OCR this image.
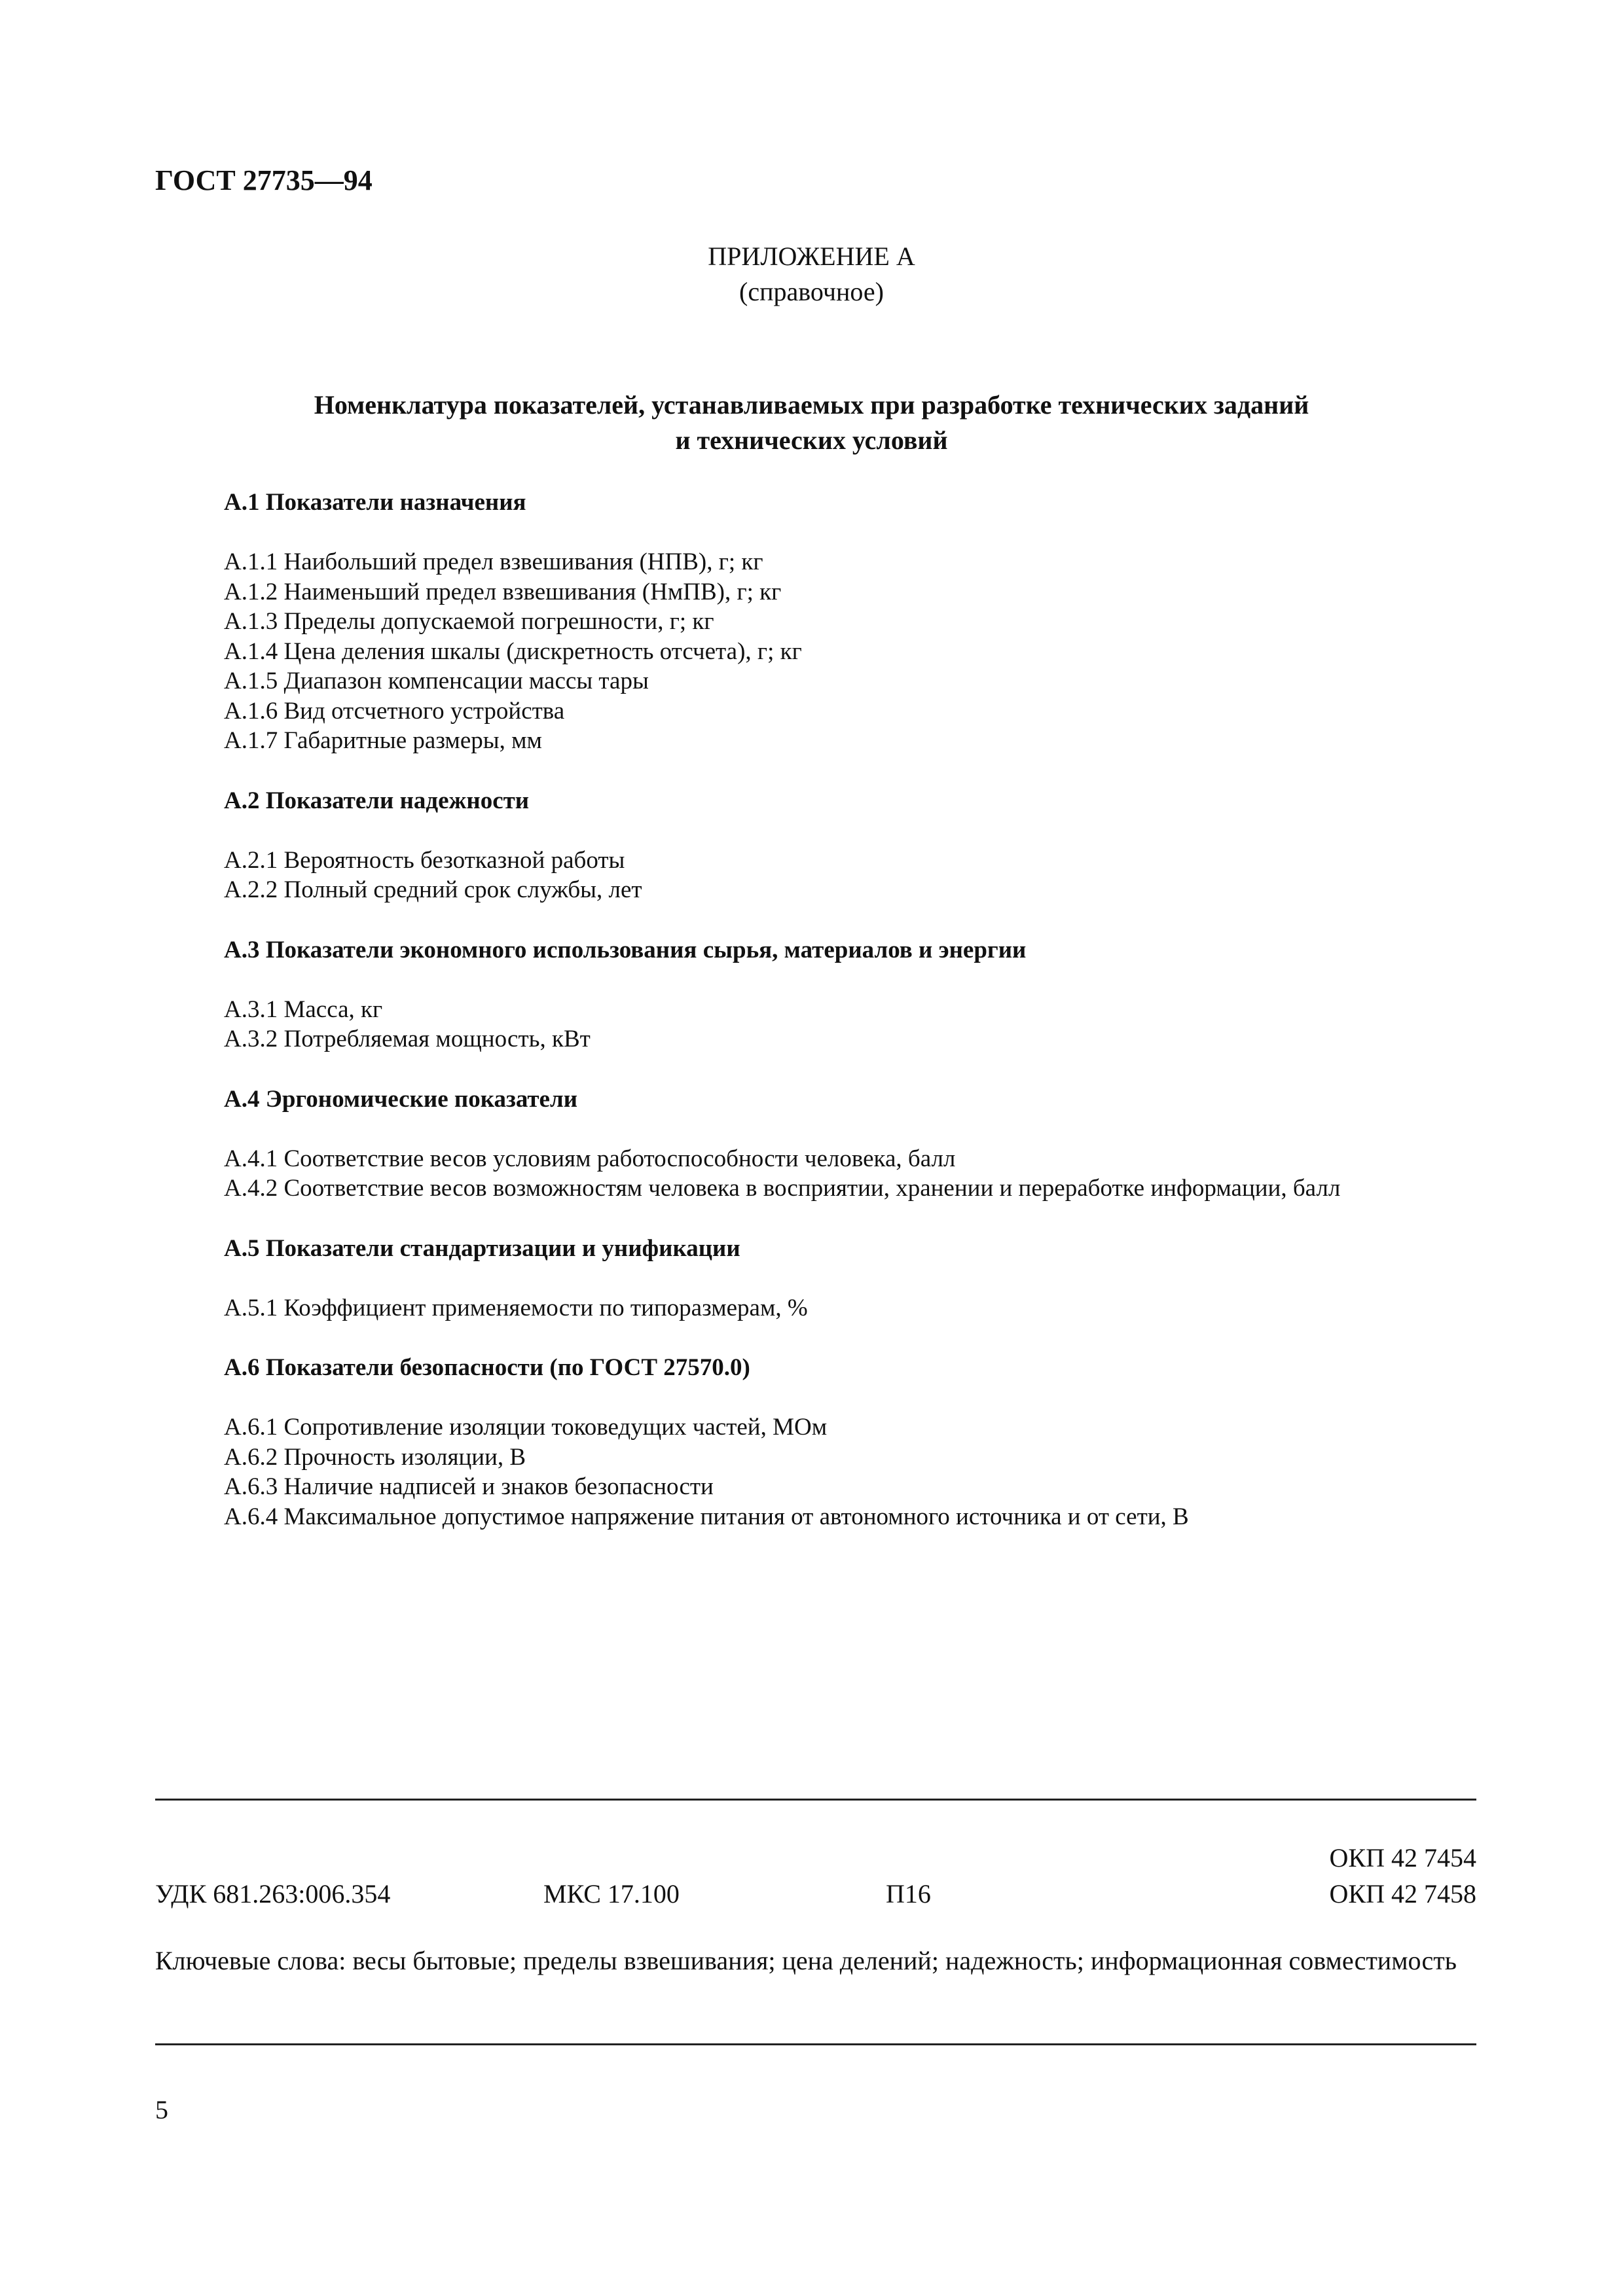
ГОСТ 27735—94
ПРИЛОЖЕНИЕ А
(справочное)
Номенклатура показателей, устанавливаемых при разработке технических заданий
и технических условий
А.1 Показатели назначения
А.1.1 Наибольший предел взвешивания (НПВ), г; кг
А.1.2 Наименьший предел взвешивания (НмПВ), г; кг
А.1.3 Пределы допускаемой погрешности, г; кг
А.1.4 Цена деления шкалы (дискретность отсчета), г; кг
А.1.5 Диапазон компенсации массы тары
А.1.6 Вид отсчетного устройства
А.1.7 Габаритные размеры, мм
А.2 Показатели надежности
А.2.1 Вероятность безотказной работы
А.2.2 Полный средний срок службы, лет
А.3 Показатели экономного использования сырья, материалов и энергии
А.3.1 Масса, кг
А.3.2 Потребляемая мощность, кВт
А.4 Эргономические показатели
А.4.1 Соответствие весов условиям работоспособности человека, балл
А.4.2 Соответствие весов возможностям человека в восприятии, хранении и переработке информации, балл
А.5 Показатели стандартизации и унификации
А.5.1 Коэффициент применяемости по типоразмерам, %
А.6 Показатели безопасности (по ГОСТ 27570.0)
А.6.1 Сопротивление изоляции токоведущих частей, МОм
А.6.2 Прочность изоляции, В
А.6.3 Наличие надписей и знаков безопасности
А.6.4 Максимальное допустимое напряжение питания от автономного источника и от сети, В
ОКП 42 7454
УДК 681.263:006.354	МКС 17.100	П16	ОКП 42 7458
Ключевые слова: весы бытовые; пределы взвешивания; цена делений; надежность; информационная совместимость
5
